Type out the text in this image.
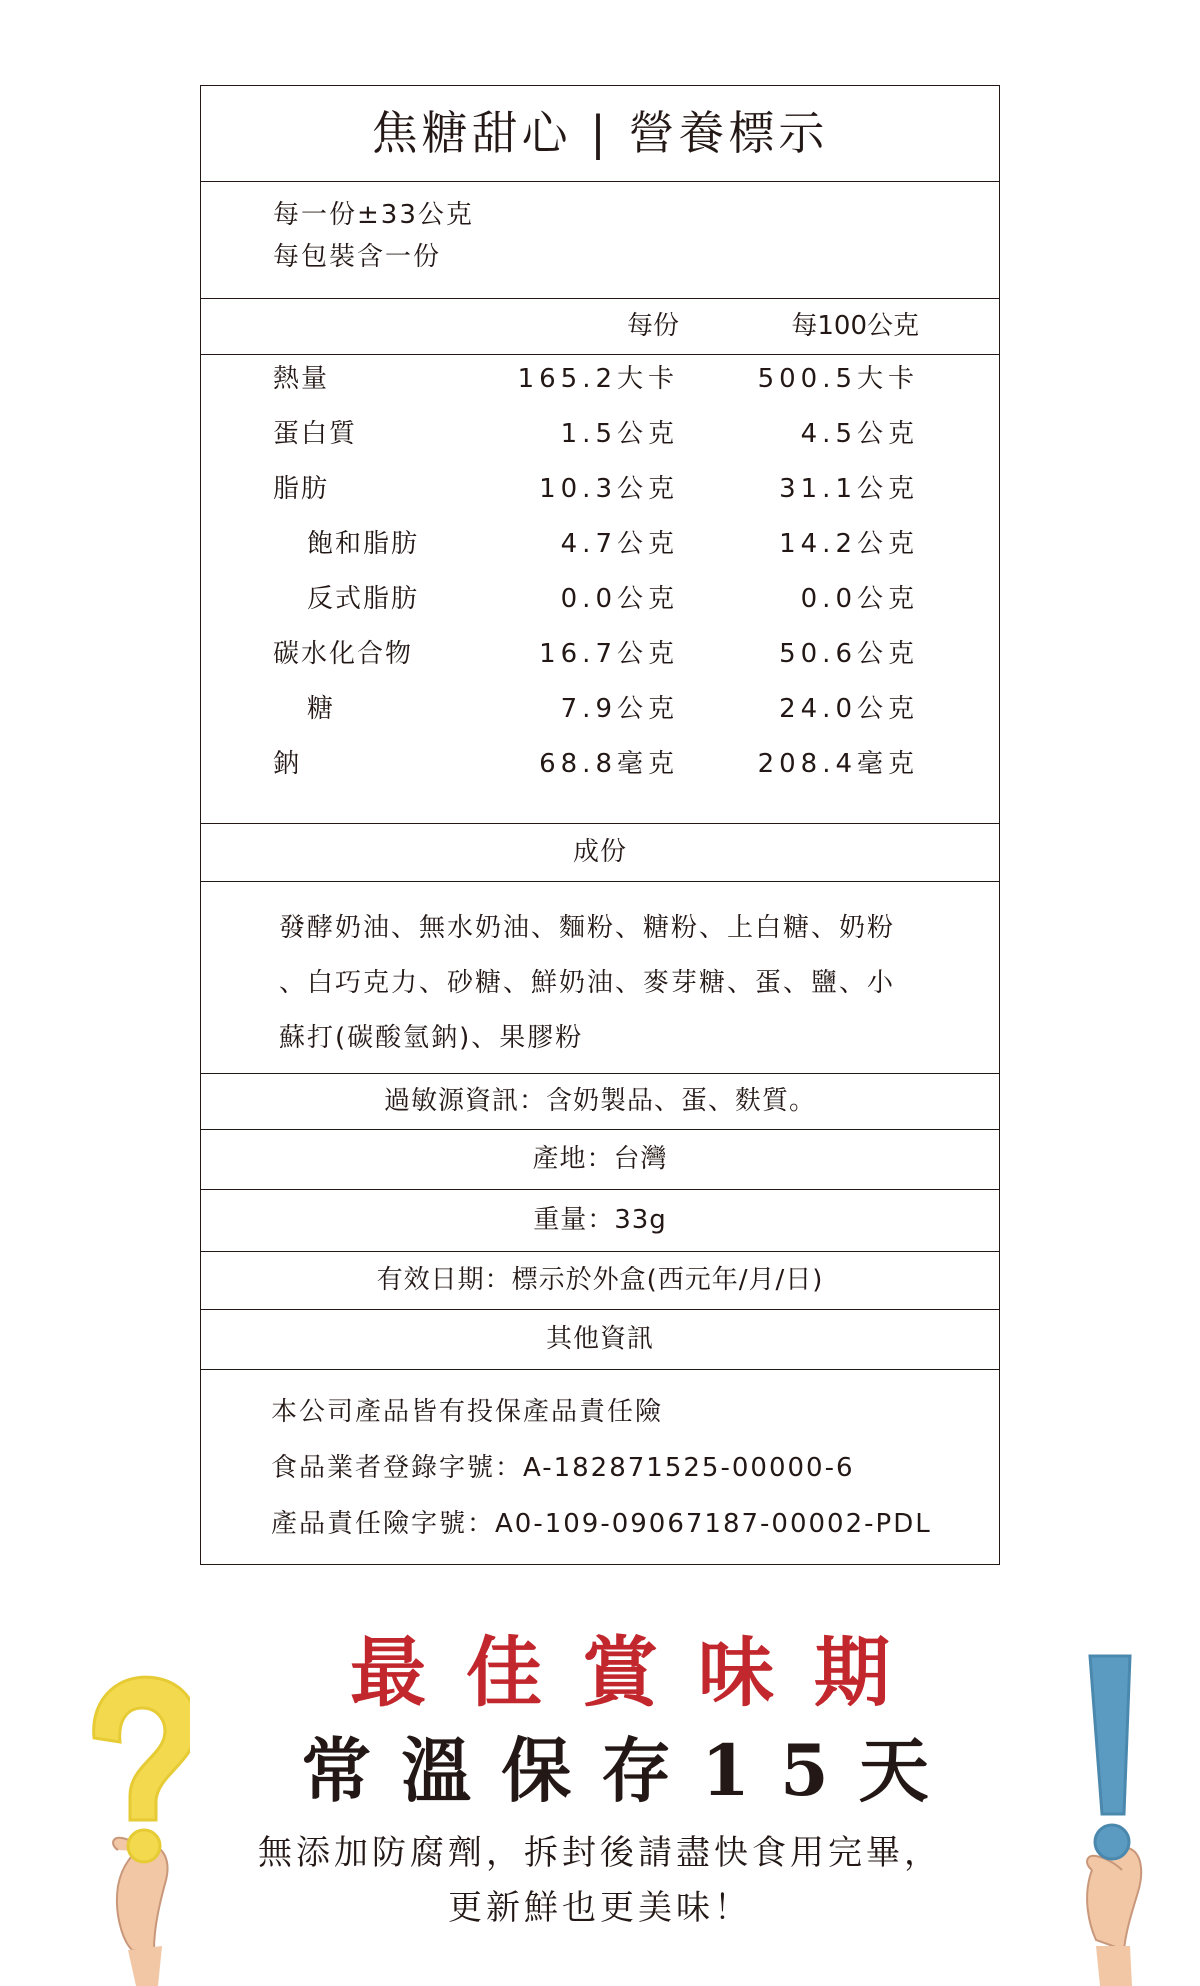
焦糖甜心 | 營養標示
每一份±33公克
每包裝含一份
每份	每100公克
熱量	165.2大卡	500.5大卡
蛋白質	1.5公克	4.5公克
脂肪	10.3公克	31.1公克
飽和脂肪	4.7公克	14.2公克
反式脂肪	0.0公克	0.0公克
碳水化合物	16.7公克	50.6公克
糖	7.9公克	24.0公克
鈉	68.8毫克	208.4毫克
成份
發酵奶油、無水奶油、麵粉、糖粉、上白糖、奶粉
、白巧克力、砂糖、鮮奶油、麥芽糖、蛋、鹽、小
蘇打(碳酸氫鈉)、果膠粉
過敏源資訊：含奶製品、蛋、麩質。
產地：台灣
重量：33g
有效日期：標示於外盒(西元年/月/日)
其他資訊
本公司產品皆有投保產品責任險
食品業者登錄字號：A-182871525-00000-6
產品責任險字號：A0-109-09067187-00002-PDL
最佳賞味期
常溫保存15天
無添加防腐劑，拆封後請盡快食用完畢，
更新鮮也更美味！
